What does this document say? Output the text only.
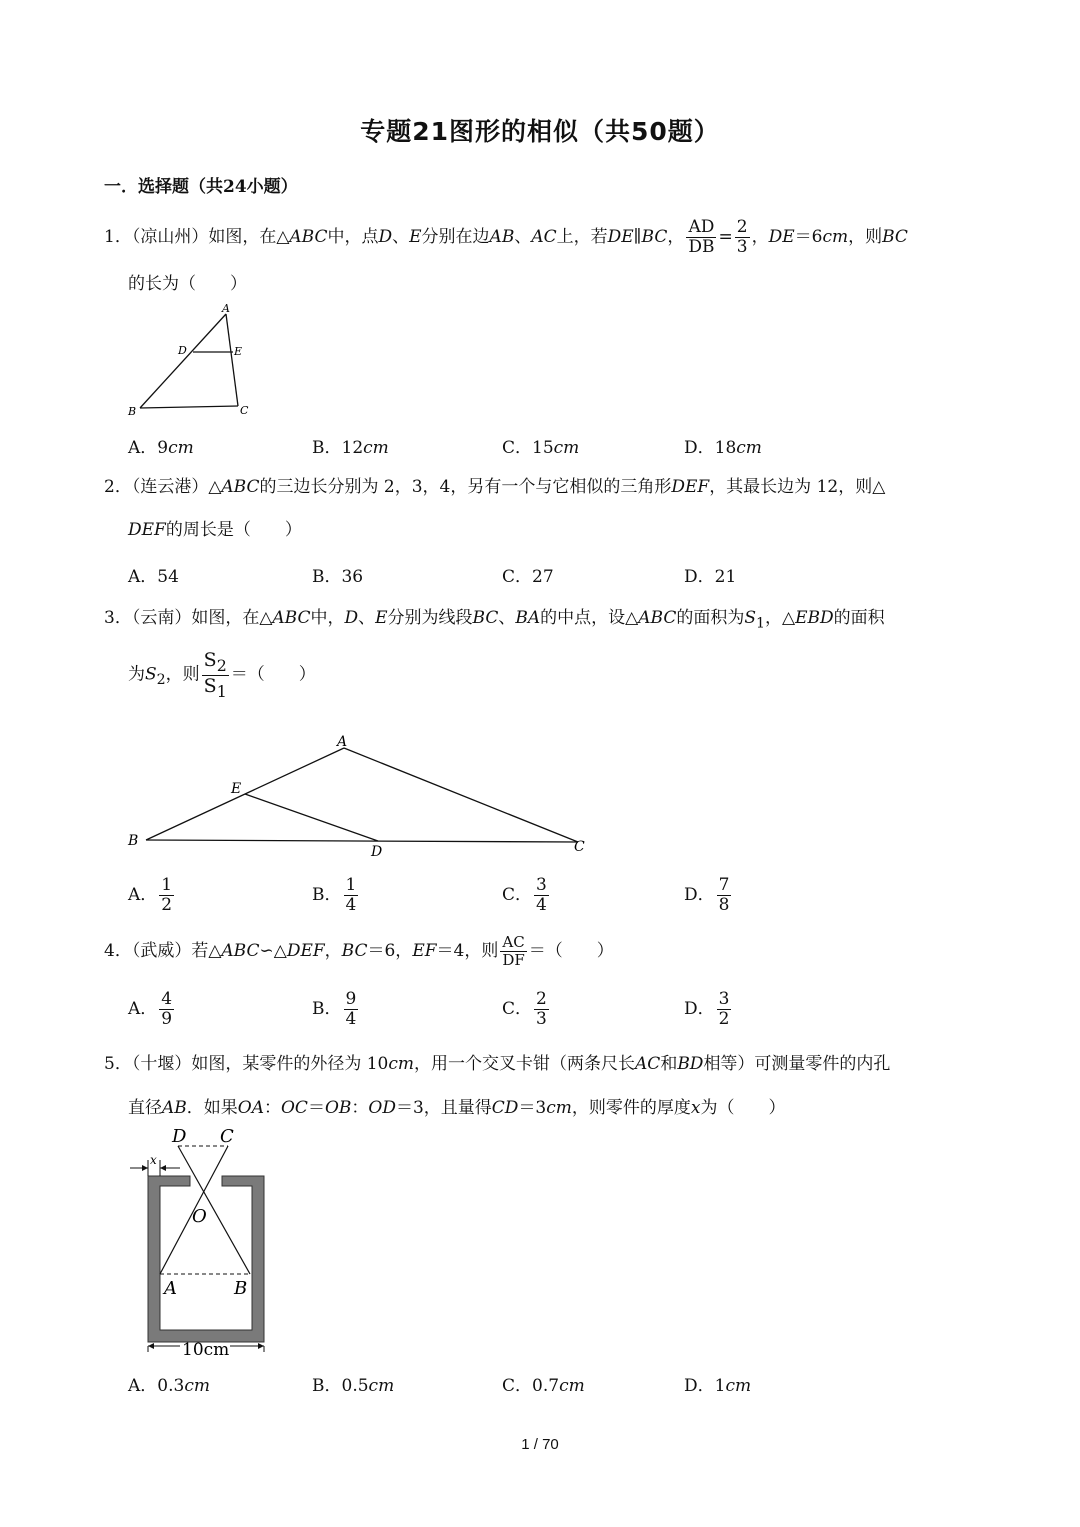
专题21图形的相似（共50题）
一．选择题（共24小题）
1．（凉山州）如图，在△ABC中，点D、E分别在边AB、AC上，若DE∥BC， $\frac{AD}{DB} = \frac{2}{3}$ ，DE＝6cm，则BC
的长为（　　）
A
D	E
B	C
A．9cm	B．12cm	C．15cm	D．18cm
2．（连云港）△ABC的三边长分别为 2，3，4，另有一个与它相似的三角形DEF，其最长边为 12，则△
DEF的周长是（　　）
A．54	B．36	C．27	D．21
3．（云南）如图，在△ABC中，D、E分别为线段BC、BA的中点，设△ABC的面积为$S_1$，△EBD的面积
为$S_2$，则 $\frac{S_2}{S_1}$ ＝（　　）
A
E
B
D	C
A． $\frac{1}{2}$	B． $\frac{1}{4}$	C． $\frac{3}{4}$	D． $\frac{7}{8}$
4．（武威）若△ABC∽△DEF，BC＝6，EF＝4，则 $\frac{AC}{DF}$ ＝（　　）
A． $\frac{4}{9}$	B． $\frac{9}{4}$	C． $\frac{2}{3}$	D． $\frac{3}{2}$
5．（十堰）如图，某零件的外径为 10cm，用一个交叉卡钳（两条尺长AC和BD相等）可测量零件的内孔
直径AB．如果OA：OC＝OB：OD＝3，且量得CD＝3cm，则零件的厚度x为（　　）
D C
x
O
A	B
10cm
A．0.3cm	B．0.5cm	C．0.7cm	D．1cm
1 / 70
